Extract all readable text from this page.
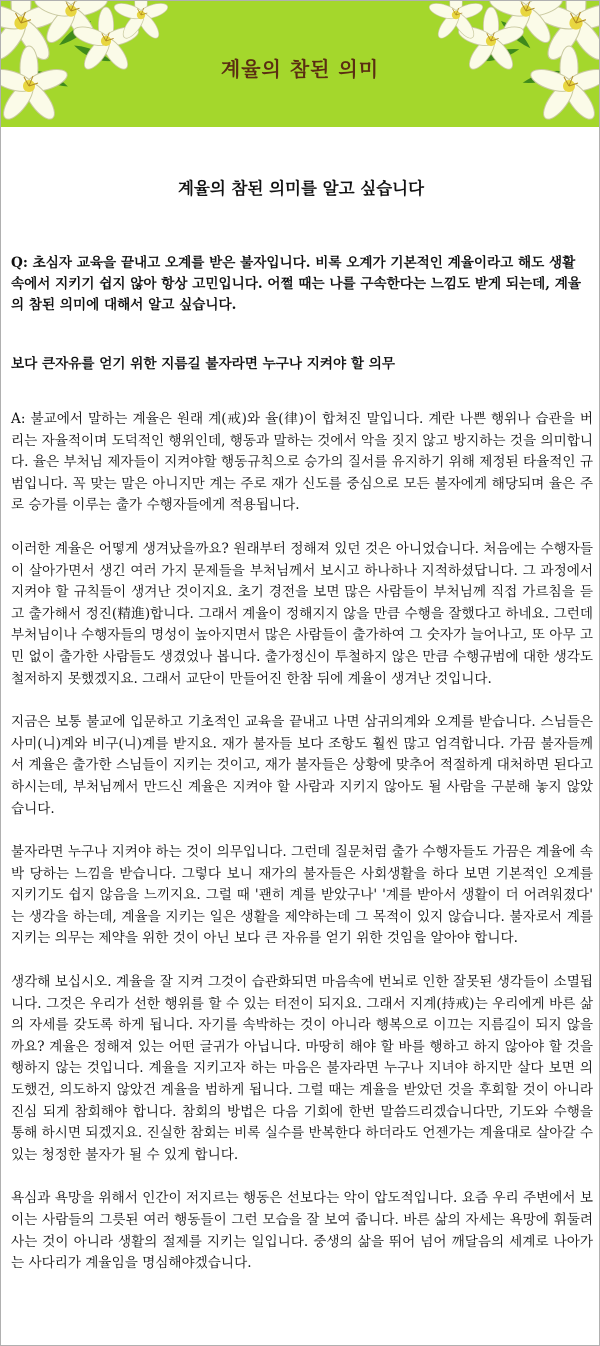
계율의 참된 의미
계율의 참된 의미를 알고 싶습니다
Q: 초심자 교육을 끝내고 오계를 받은 불자입니다. 비록 오계가 기본적인 계율이라고 해도 생활 속에서 지키기 쉽지 않아 항상 고민입니다. 어쩔 때는 나를 구속한다는 느낌도 받게 되는데, 계율의 참된 의미에 대해서 알고 싶습니다.
보다 큰자유를 얻기 위한 지름길 불자라면 누구나 지켜야 할 의무
A: 불교에서 말하는 계율은 원래 계(戒)와 율(律)이 합쳐진 말입니다. 계란 나쁜 행위나 습관을 버리는 자율적이며 도덕적인 행위인데, 행동과 말하는 것에서 악을 짓지 않고 방지하는 것을 의미합니다. 율은 부처님 제자들이 지켜야할 행동규칙으로 승가의 질서를 유지하기 위해 제정된 타율적인 규범입니다. 꼭 맞는 말은 아니지만 계는 주로 재가 신도를 중심으로 모든 불자에게 해당되며 율은 주로 승가를 이루는 출가 수행자들에게 적용됩니다.
이러한 계율은 어떻게 생겨났을까요? 원래부터 정해져 있던 것은 아니었습니다. 처음에는 수행자들이 살아가면서 생긴 여러 가지 문제들을 부처님께서 보시고 하나하나 지적하셨답니다. 그 과정에서 지켜야 할 규칙들이 생겨난 것이지요. 초기 경전을 보면 많은 사람들이 부처님께 직접 가르침을 듣고 출가해서 정진(精進)합니다. 그래서 계율이 정해지지 않을 만큼 수행을 잘했다고 하네요. 그런데 부처님이나 수행자들의 명성이 높아지면서 많은 사람들이 출가하여 그 숫자가 늘어나고, 또 아무 고민 없이 출가한 사람들도 생겼었나 봅니다. 출가정신이 투철하지 않은 만큼 수행규범에 대한 생각도 철저하지 못했겠지요. 그래서 교단이 만들어진 한참 뒤에 계율이 생겨난 것입니다.
지금은 보통 불교에 입문하고 기초적인 교육을 끝내고 나면 삼귀의계와 오계를 받습니다. 스님들은 사미(니)계와 비구(니)계를 받지요. 재가 불자들 보다 조항도 훨씬 많고 엄격합니다. 가끔 불자들께서 계율은 출가한 스님들이 지키는 것이고, 재가 불자들은 상황에 맞추어 적절하게 대처하면 된다고 하시는데, 부처님께서 만드신 계율은 지켜야 할 사람과 지키지 않아도 될 사람을 구분해 놓지 않았습니다.
불자라면 누구나 지켜야 하는 것이 의무입니다. 그런데 질문처럼 출가 수행자들도 가끔은 계율에 속박 당하는 느낌을 받습니다. 그렇다 보니 재가의 불자들은 사회생활을 하다 보면 기본적인 오계를 지키기도 쉽지 않음을 느끼지요. 그럴 때 '괜히 계를 받았구나' '계를 받아서 생활이 더 어려워졌다' 는 생각을 하는데, 계율을 지키는 일은 생활을 제약하는데 그 목적이 있지 않습니다. 불자로서 계를 지키는 의무는 제약을 위한 것이 아닌 보다 큰 자유를 얻기 위한 것임을 알아야 합니다.
생각해 보십시오. 계율을 잘 지켜 그것이 습관화되면 마음속에 번뇌로 인한 잘못된 생각들이 소멸됩니다. 그것은 우리가 선한 행위를 할 수 있는 터전이 되지요. 그래서 지계(持戒)는 우리에게 바른 삶의 자세를 갖도록 하게 됩니다. 자기를 속박하는 것이 아니라 행복으로 이끄는 지름길이 되지 않을까요? 계율은 정해져 있는 어떤 글귀가 아닙니다. 마땅히 해야 할 바를 행하고 하지 않아야 할 것을 행하지 않는 것입니다. 계율을 지키고자 하는 마음은 불자라면 누구나 지녀야 하지만 살다 보면 의도했건, 의도하지 않았건 계율을 범하게 됩니다. 그럴 때는 계율을 받았던 것을 후회할 것이 아니라 진심 되게 참회해야 합니다. 참회의 방법은 다음 기회에 한번 말씀드리겠습니다만, 기도와 수행을 통해 하시면 되겠지요. 진실한 참회는 비록 실수를 반복한다 하더라도 언젠가는 계율대로 살아갈 수 있는 청정한 불자가 될 수 있게 합니다.
욕심과 욕망을 위해서 인간이 저지르는 행동은 선보다는 악이 압도적입니다. 요즘 우리 주변에서 보이는 사람들의 그릇된 여러 행동들이 그런 모습을 잘 보여 줍니다. 바른 삶의 자세는 욕망에 휘둘려 사는 것이 아니라 생활의 절제를 지키는 일입니다. 중생의 삶을 뛰어 넘어 깨달음의 세계로 나아가는 사다리가 계율임을 명심해야겠습니다.
